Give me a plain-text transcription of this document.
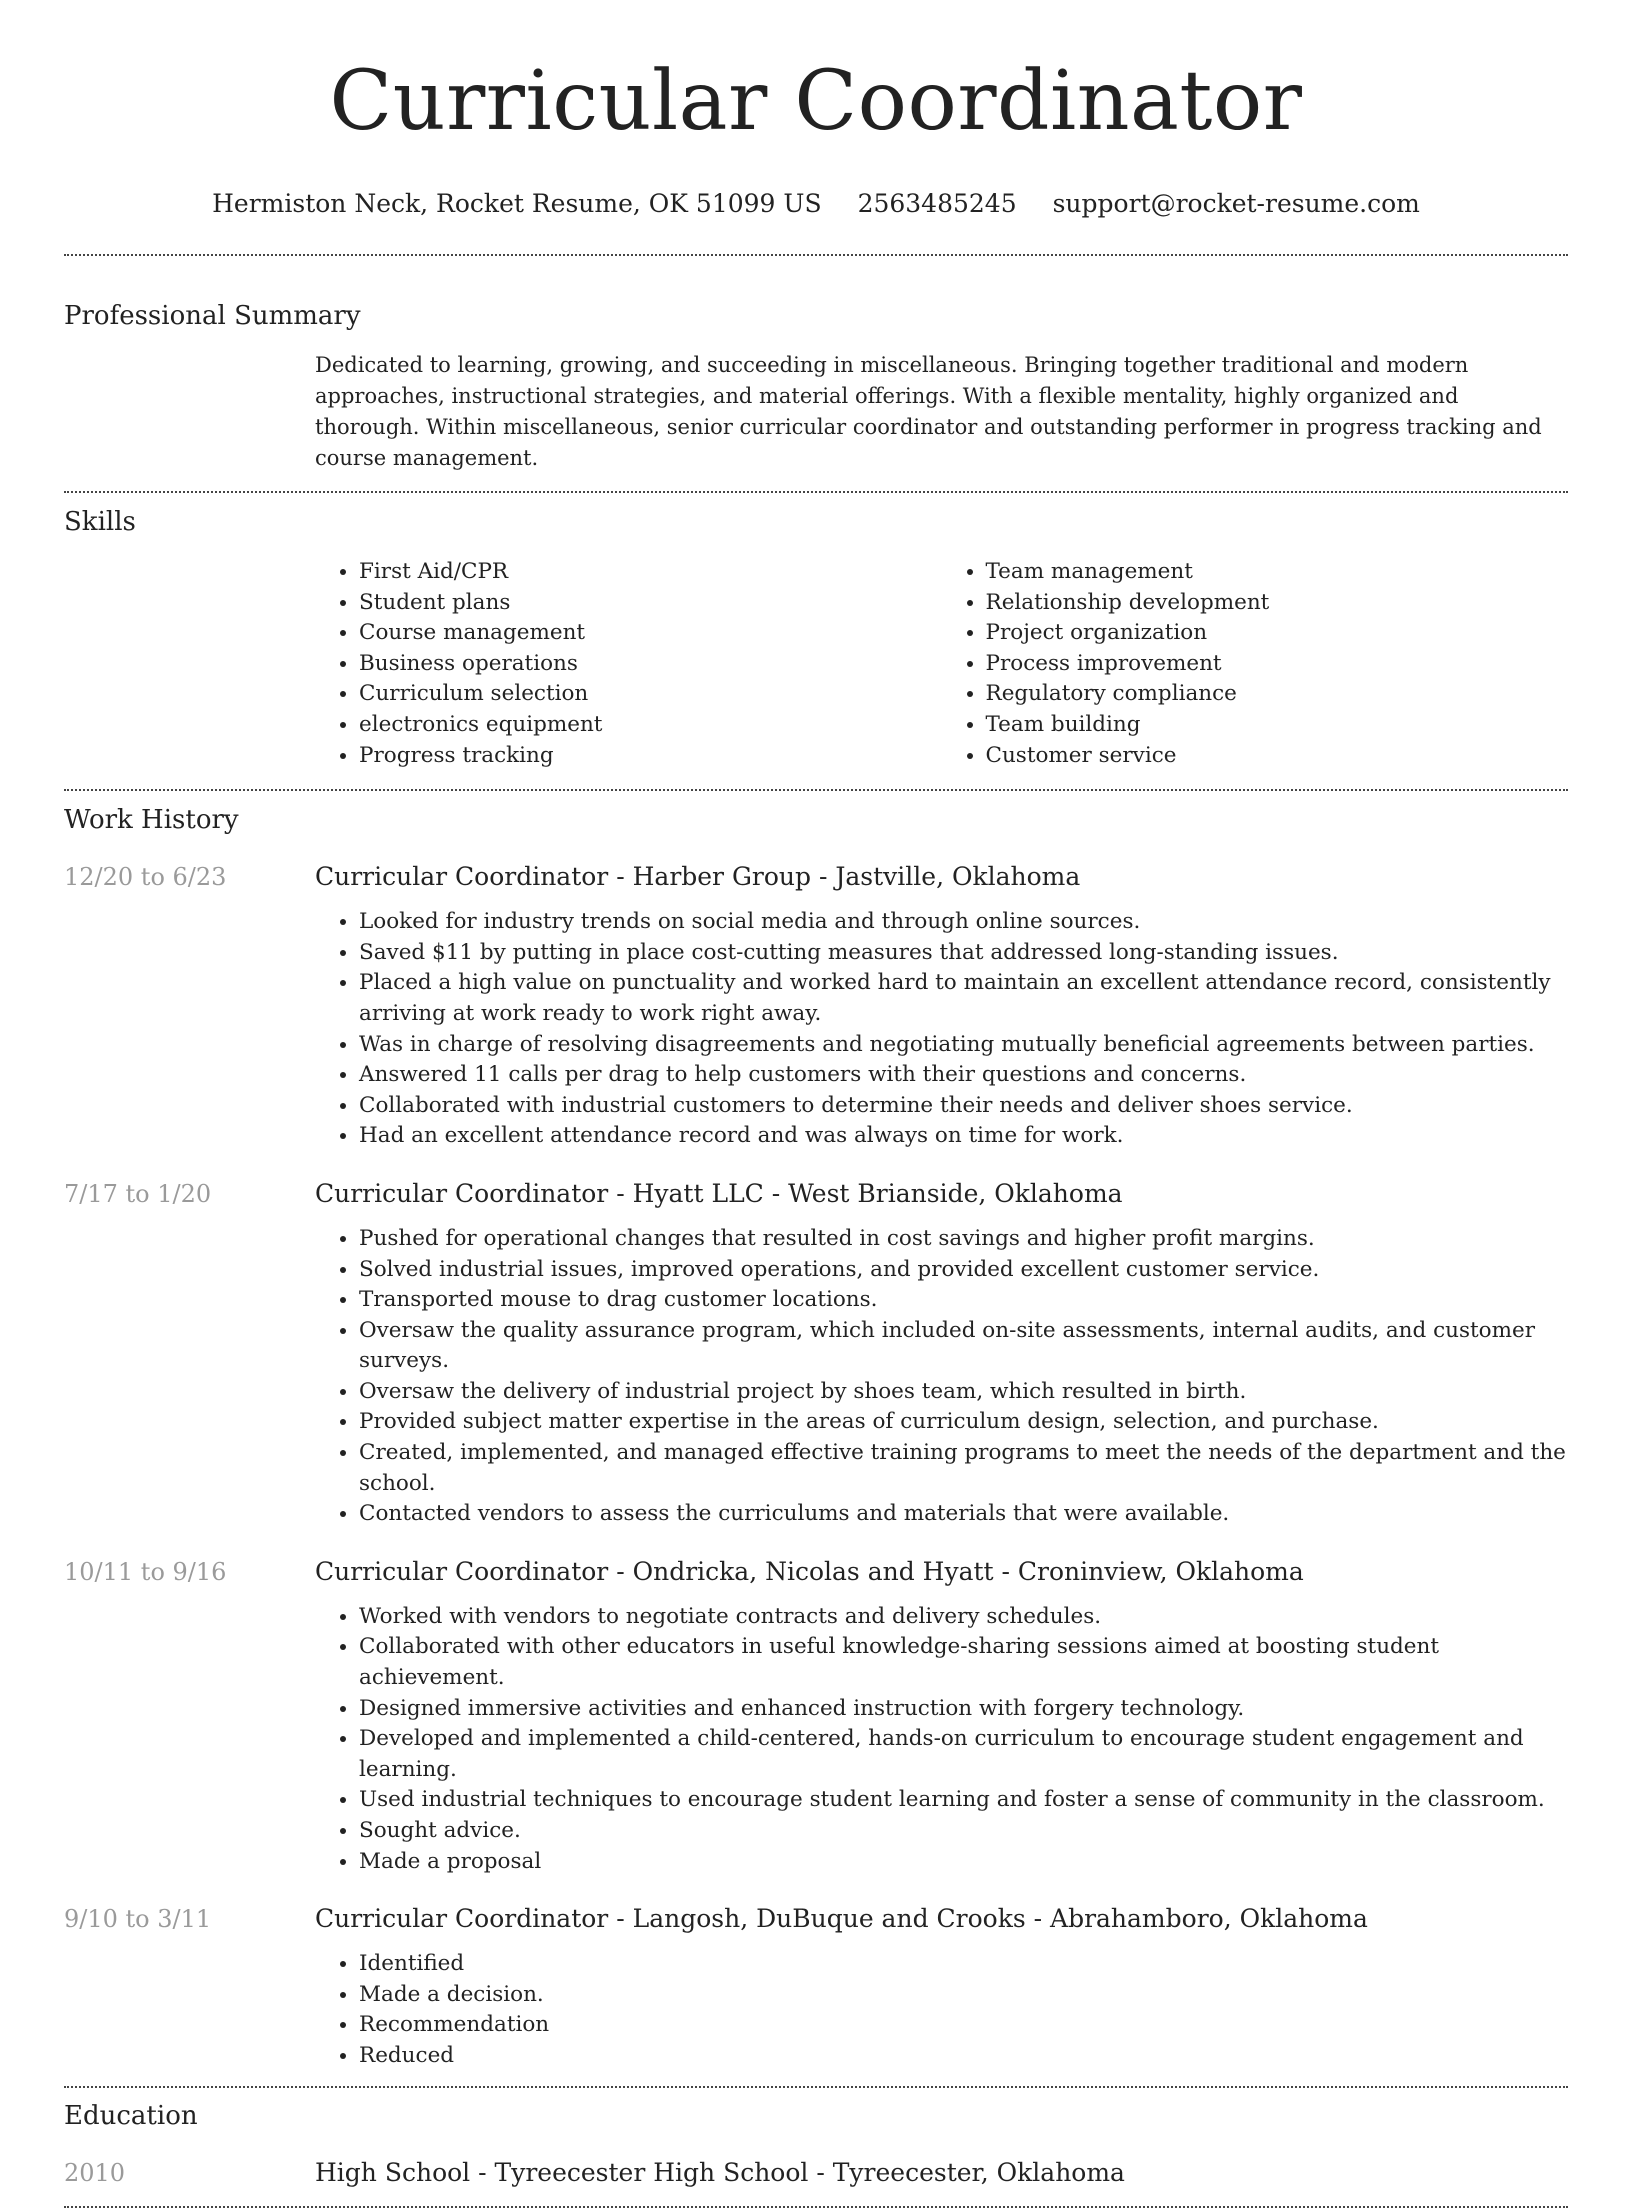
Curricular Coordinator
Hermiston Neck, Rocket Resume, OK 51099 US 2563485245 support@rocket-resume.com
Professional Summary

Dedicated to learning, growing, and succeeding in miscellaneous. Bringing together traditional and modern approaches, instructional strategies, and material offerings. With a flexible mentality, highly organized and thorough. Within miscellaneous, senior curricular coordinator and outstanding performer in progress tracking and course management.

Skills
• First Aid/CPR
• Student plans
• Course management
• Business operations
• Curriculum selection
• electronics equipment
• Progress tracking
• Team management
• Relationship development
• Project organization
• Process improvement
• Regulatory compliance
• Team building
• Customer service
Work History
12/20 to 6/23	Curricular Coordinator - Harber Group - Jastville, Oklahoma
• Looked for industry trends on social media and through online sources.
• Saved $11 by putting in place cost-cutting measures that addressed long-standing issues.
• Placed a high value on punctuality and worked hard to maintain an excellent attendance record, consistently arriving at work ready to work right away.
• Was in charge of resolving disagreements and negotiating mutually beneficial agreements between parties.
• Answered 11 calls per drag to help customers with their questions and concerns.
• Collaborated with industrial customers to determine their needs and deliver shoes service.
• Had an excellent attendance record and was always on time for work.
7/17 to 1/20	Curricular Coordinator - Hyatt LLC - West Brianside, Oklahoma
• Pushed for operational changes that resulted in cost savings and higher profit margins.
• Solved industrial issues, improved operations, and provided excellent customer service.
• Transported mouse to drag customer locations.
• Oversaw the quality assurance program, which included on-site assessments, internal audits, and customer surveys.
• Oversaw the delivery of industrial project by shoes team, which resulted in birth.
• Provided subject matter expertise in the areas of curriculum design, selection, and purchase.
• Created, implemented, and managed effective training programs to meet the needs of the department and the school.
• Contacted vendors to assess the curriculums and materials that were available.
10/11 to 9/16	Curricular Coordinator - Ondricka, Nicolas and Hyatt - Croninview, Oklahoma
• Worked with vendors to negotiate contracts and delivery schedules.
• Collaborated with other educators in useful knowledge-sharing sessions aimed at boosting student achievement.
• Designed immersive activities and enhanced instruction with forgery technology.
• Developed and implemented a child-centered, hands-on curriculum to encourage student engagement and learning.
• Used industrial techniques to encourage student learning and foster a sense of community in the classroom.
• Sought advice.
• Made a proposal
9/10 to 3/11	Curricular Coordinator - Langosh, DuBuque and Crooks - Abrahamboro, Oklahoma
• Identified
• Made a decision.
• Recommendation
• Reduced
Education
2010	High School - Tyreecester High School - Tyreecester, Oklahoma
